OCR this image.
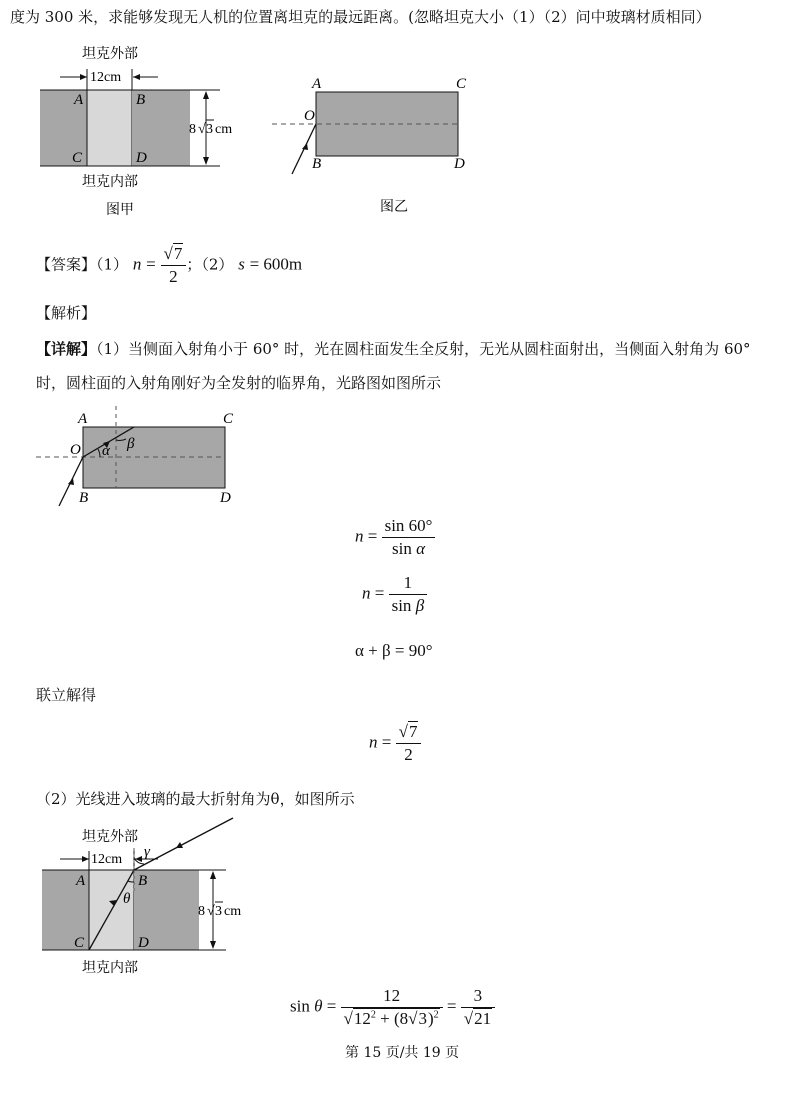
度为 300 米，求能够发现无人机的位置离坦克的最远距离。(忽略坦克大小（1）（2）问中玻璃材质相同）
坦克外部
12cm
A	B
C	D
8 √ 3 cm
坦克内部
图甲
A	C
O
B	D
图乙
【答案】（1） $n = \frac{√7}{2}$ ；（2） s = 600m
【解析】
【详解】（1）当侧面入射角小于 60° 时，光在圆柱面发生全反射，无光从圆柱面射出，当侧面入射角为 60°
时，圆柱面的入射角刚好为全发射的临界角，光路图如图所示
A	C
O
B	D
α β
$n = \frac{\sin 60^\circ}{\text{sin α}}$
$n = \frac{1}{\text{sin β}}$
α + β = 90°
联立解得
$n = \frac{√7}{2}$
（2）光线进入玻璃的最大折射角为θ，如图所示
坦克外部
12cm γ
θ
A	B
C	D
8 √ 3 cm
坦克内部
$\sin \theta = \frac{12}{√12^2 + (8√3)^2} = \frac{3}{√21}$
第 15 页/共 19 页
